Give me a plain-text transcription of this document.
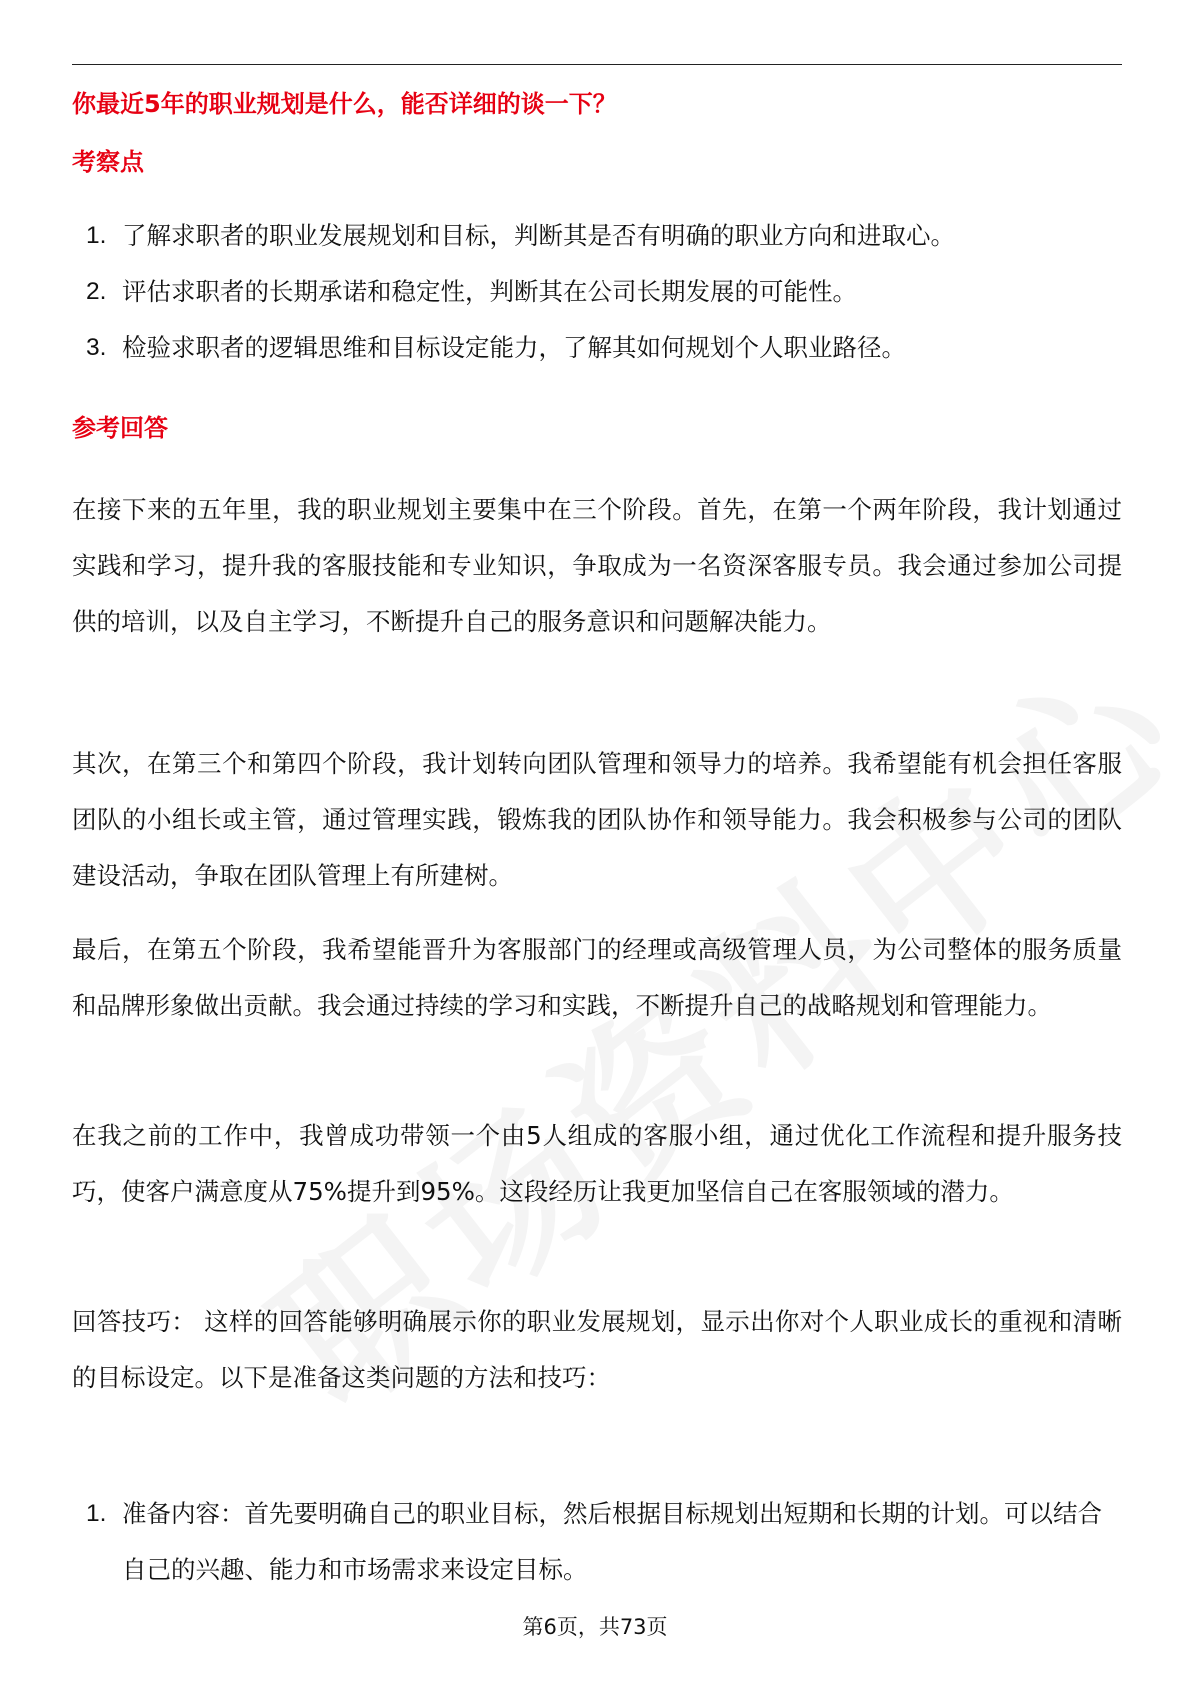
你最近5年的职业规划是什么，能否详细的谈一下？
考察点
1. 了解求职者的职业发展规划和目标，判断其是否有明确的职业方向和进取心。
2. 评估求职者的长期承诺和稳定性，判断其在公司长期发展的可能性。
3. 检验求职者的逻辑思维和目标设定能力，了解其如何规划个人职业路径。
参考回答

在接下来的五年里，我的职业规划主要集中在三个阶段。首先，在第一个两年阶段，我计划通过实践和学习，提升我的客服技能和专业知识，争取成为一名资深客服专员。我会通过参加公司提供的培训，以及自主学习，不断提升自己的服务意识和问题解决能力。

其次，在第三个和第四个阶段，我计划转向团队管理和领导力的培养。我希望能有机会担任客服团队的小组长或主管，通过管理实践，锻炼我的团队协作和领导能力。我会积极参与公司的团队建设活动，争取在团队管理上有所建树。

最后，在第五个阶段，我希望能晋升为客服部门的经理或高级管理人员，为公司整体的服务质量和品牌形象做出贡献。我会通过持续的学习和实践，不断提升自己的战略规划和管理能力。

在我之前的工作中，我曾成功带领一个由5人组成的客服小组，通过优化工作流程和提升服务技巧，使客户满意度从75%提升到95%。这段经历让我更加坚信自己在客服领域的潜力。

回答技巧： 这样的回答能够明确展示你的职业发展规划，显示出你对个人职业成长的重视和清晰的目标设定。以下是准备这类问题的方法和技巧：

1. 准备内容：首先要明确自己的职业目标，然后根据目标规划出短期和长期的计划。可以结合自己的兴趣、能力和市场需求来设定目标。
第6页，共73页
